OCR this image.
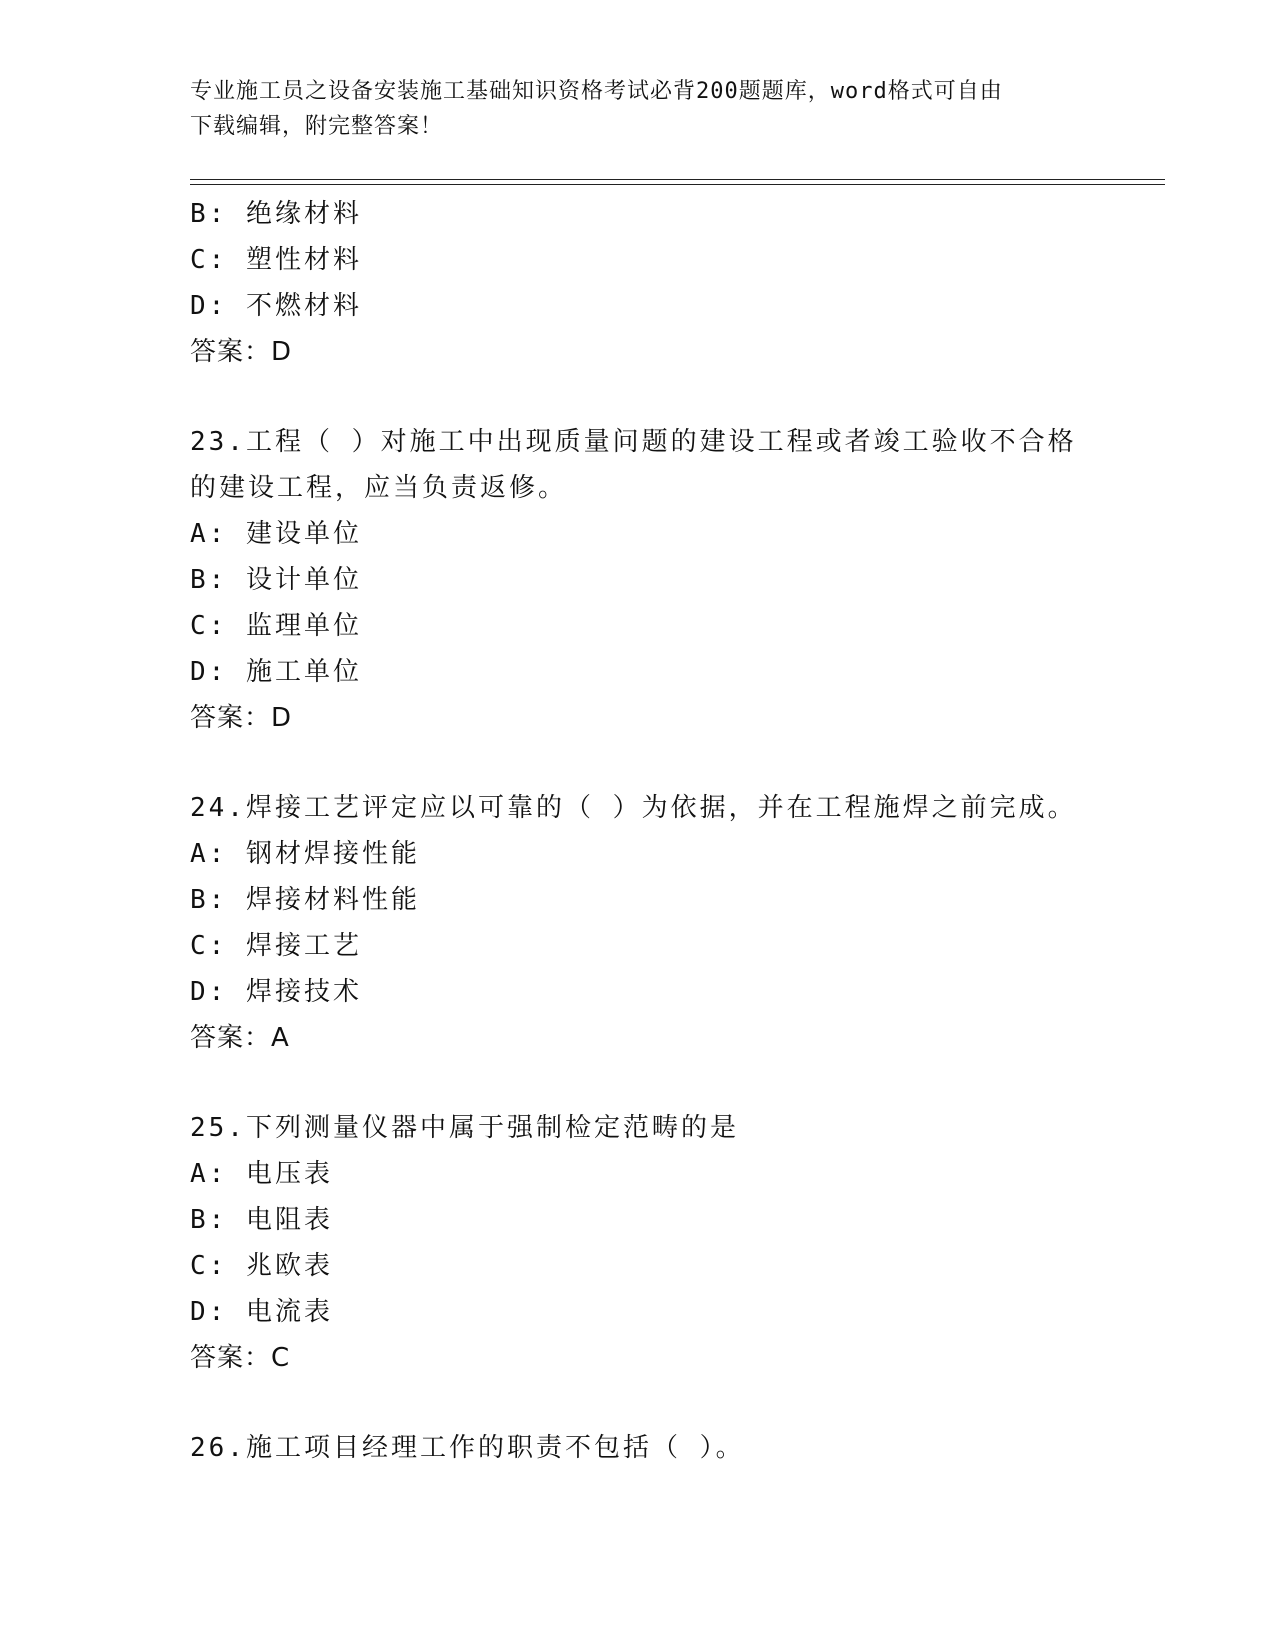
专业施工员之设备安装施工基础知识资格考试必背200题题库，word格式可自由
下载编辑，附完整答案！
B: 绝缘材料
C: 塑性材料
D: 不燃材料
答案：D
23.工程（ ）对施工中出现质量问题的建设工程或者竣工验收不合格
的建设工程，应当负责返修。
A: 建设单位
B: 设计单位
C: 监理单位
D: 施工单位
答案：D
24.焊接工艺评定应以可靠的（ ）为依据，并在工程施焊之前完成。
A: 钢材焊接性能
B: 焊接材料性能
C: 焊接工艺
D: 焊接技术
答案：A
25.下列测量仪器中属于强制检定范畴的是
A: 电压表
B: 电阻表
C: 兆欧表
D: 电流表
答案：C
26.施工项目经理工作的职责不包括（ ）。
